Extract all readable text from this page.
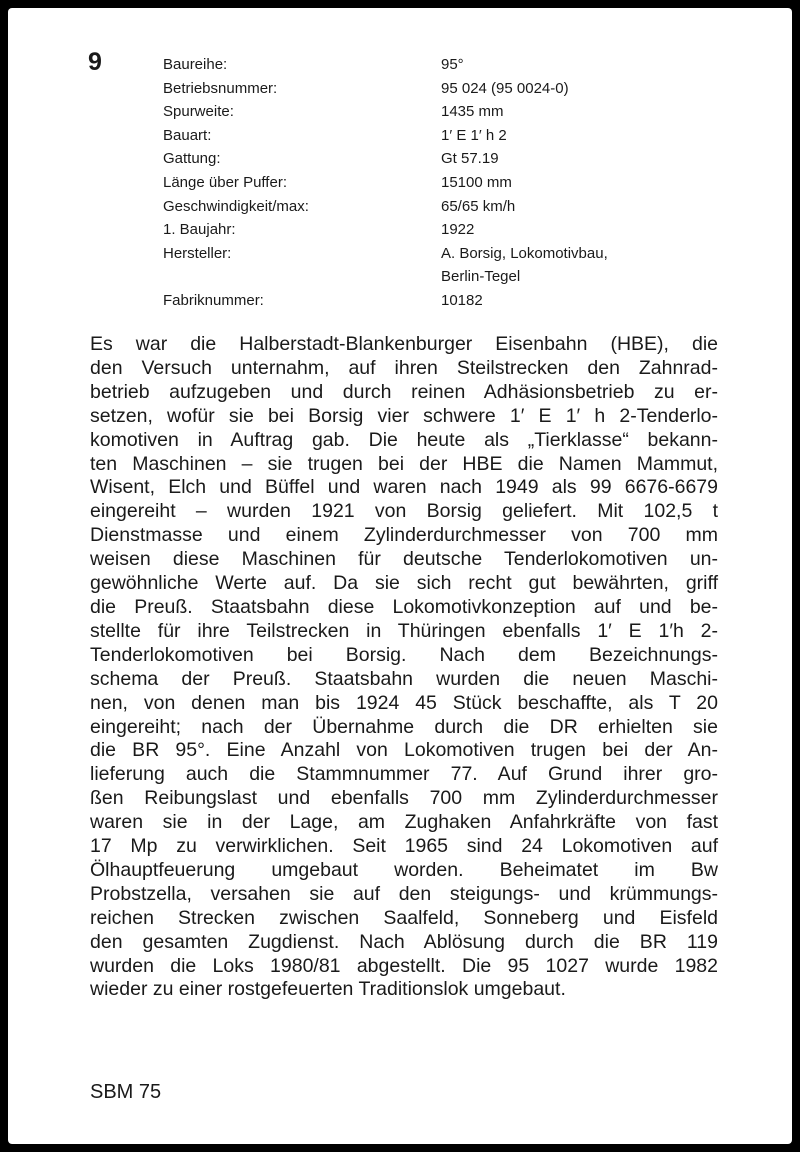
9	Baureihe:	95°
Betriebsnummer:	95 024 (95 0024-0)
Spurweite:	1435 mm
Bauart:	1′ E 1′ h 2
Gattung:	Gt 57.19
Länge über Puffer:	15100 mm
Geschwindigkeit/max:	65/65 km/h
1. Baujahr:	1922
Hersteller:	A. Borsig, Lokomotivbau,
Berlin-Tegel
Fabriknummer:	10182

Es war die Halberstadt-Blankenburger Eisenbahn (HBE), die
den Versuch unternahm, auf ihren Steilstrecken den Zahnrad-
betrieb aufzugeben und durch reinen Adhäsionsbetrieb zu er-
setzen, wofür sie bei Borsig vier schwere 1′ E 1′ h 2-Tenderlo-
komotiven in Auftrag gab. Die heute als „Tierklasse“ bekann-
ten Maschinen – sie trugen bei der HBE die Namen Mammut,
Wisent, Elch und Büffel und waren nach 1949 als 99 6676-6679
eingereiht – wurden 1921 von Borsig geliefert. Mit 102,5 t
Dienstmasse und einem Zylinderdurchmesser von 700 mm
weisen diese Maschinen für deutsche Tenderlokomotiven un-
gewöhnliche Werte auf. Da sie sich recht gut bewährten, griff
die Preuß. Staatsbahn diese Lokomotivkonzeption auf und be-
stellte für ihre Teilstrecken in Thüringen ebenfalls 1′ E 1′h 2-
Tenderlokomotiven bei Borsig. Nach dem Bezeichnungs-
schema der Preuß. Staatsbahn wurden die neuen Maschi-
nen, von denen man bis 1924 45 Stück beschaffte, als T 20
eingereiht; nach der Übernahme durch die DR erhielten sie
die BR 95°. Eine Anzahl von Lokomotiven trugen bei der An-
lieferung auch die Stammnummer 77. Auf Grund ihrer gro-
ßen Reibungslast und ebenfalls 700 mm Zylinderdurchmesser
waren sie in der Lage, am Zughaken Anfahrkräfte von fast
17 Mp zu verwirklichen. Seit 1965 sind 24 Lokomotiven auf
Ölhauptfeuerung umgebaut worden. Beheimatet im Bw
Probstzella, versahen sie auf den steigungs- und krümmungs-
reichen Strecken zwischen Saalfeld, Sonneberg und Eisfeld
den gesamten Zugdienst. Nach Ablösung durch die BR 119
wurden die Loks 1980/81 abgestellt. Die 95 1027 wurde 1982
wieder zu einer rostgefeuerten Traditionslok umgebaut.

SBM 75
